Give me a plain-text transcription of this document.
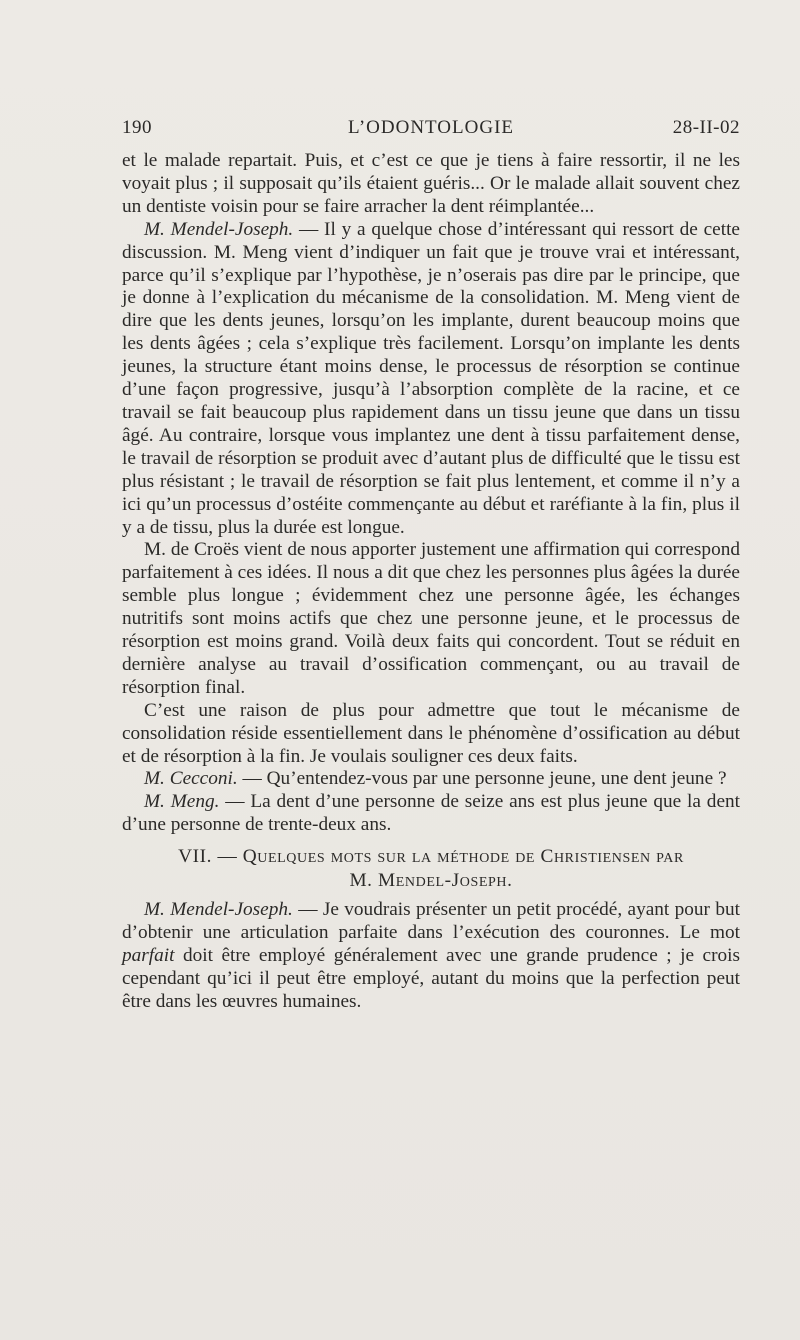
190	L’ODONTOLOGIE	28-II-02

et le malade repartait. Puis, et c’est ce que je tiens à faire ressortir, il ne les voyait plus ; il supposait qu’ils étaient guéris... Or le malade allait souvent chez un dentiste voisin pour se faire arracher la dent réimplantée...

M. Mendel-Joseph. — Il y a quelque chose d’intéressant qui ressort de cette discussion. M. Meng vient d’indiquer un fait que je trouve vrai et intéressant, parce qu’il s’explique par l’hypothèse, je n’oserais pas dire par le principe, que je donne à l’explication du mécanisme de la consolidation. M. Meng vient de dire que les dents jeunes, lorsqu’on les implante, durent beaucoup moins que les dents âgées ; cela s’explique très facilement. Lorsqu’on implante les dents jeunes, la structure étant moins dense, le processus de résorption se continue d’une façon progressive, jusqu’à l’absorption complète de la racine, et ce travail se fait beaucoup plus rapidement dans un tissu jeune que dans un tissu âgé. Au contraire, lorsque vous implantez une dent à tissu parfaitement dense, le travail de résorption se produit avec d’autant plus de difficulté que le tissu est plus résistant ; le travail de résorption se fait plus lentement, et comme il n’y a ici qu’un processus d’ostéite commençante au début et raréfiante à la fin, plus il y a de tissu, plus la durée est longue.

M. de Croës vient de nous apporter justement une affirmation qui correspond parfaitement à ces idées. Il nous a dit que chez les personnes plus âgées la durée semble plus longue ; évidemment chez une personne âgée, les échanges nutritifs sont moins actifs que chez une personne jeune, et le processus de résorption est moins grand. Voilà deux faits qui concordent. Tout se réduit en dernière analyse au travail d’ossification commençant, ou au travail de résorption final.

C’est une raison de plus pour admettre que tout le mécanisme de consolidation réside essentiellement dans le phénomène d’ossification au début et de résorption à la fin. Je voulais souligner ces deux faits.

M. Cecconi. — Qu’entendez-vous par une personne jeune, une dent jeune ?

M. Meng. — La dent d’une personne de seize ans est plus jeune que la dent d’une personne de trente-deux ans.

VII. — Quelques mots sur la méthode de Christiensen par
M. Mendel-Joseph.

M. Mendel-Joseph. — Je voudrais présenter un petit procédé, ayant pour but d’obtenir une articulation parfaite dans l’exécution des couronnes. Le mot parfait doit être employé généralement avec une grande prudence ; je crois cependant qu’ici il peut être employé, autant du moins que la perfection peut être dans les œuvres humaines.
